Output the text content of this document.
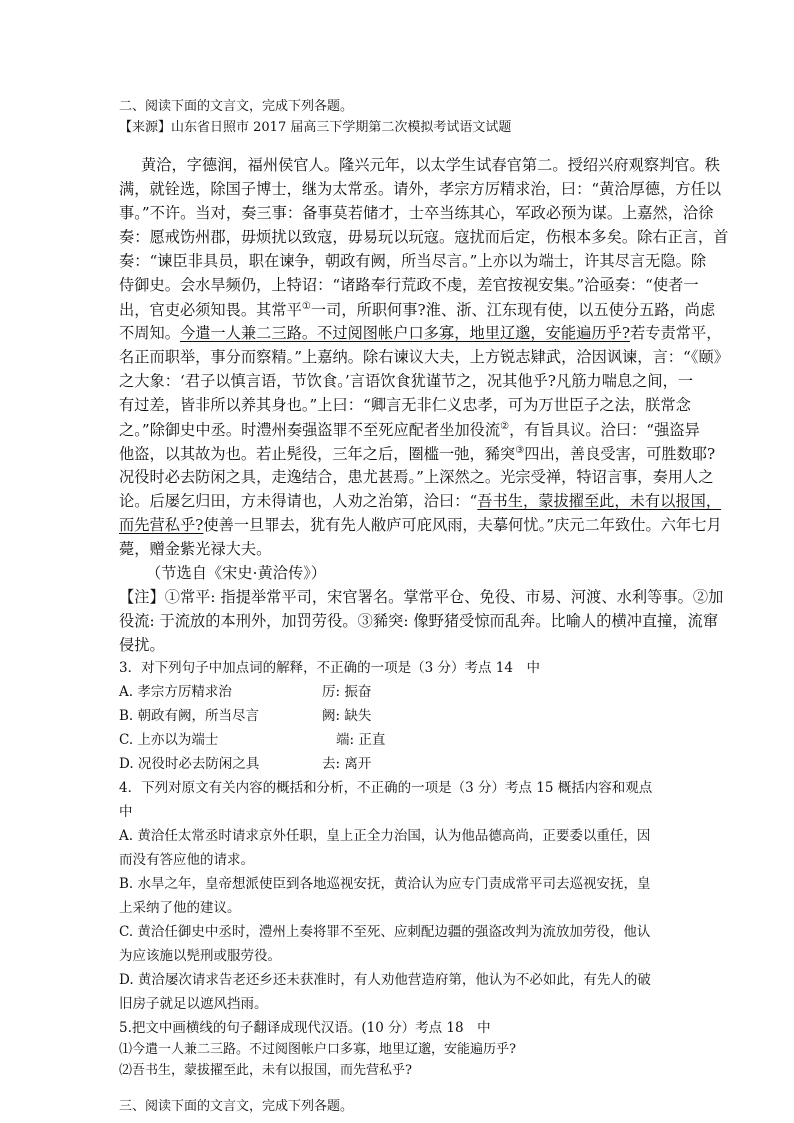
二、阅读下面的文言文，完成下列各题。
【来源】山东省日照市 2017 届高三下学期第二次模拟考试语文试题
黄洽，字德润，福州侯官人。隆兴元年，以太学生试春官第二。授绍兴府观察判官。秩
满，就铨选，除国子博士，继为太常丞。请外，孝宗方厉精求治，曰：“黄洽厚德，方任以
事。”不许。当对，奏三事：备事莫若储才，士卒当练其心，军政必预为谋。上嘉然，洽徐
奏：愿戒饬州郡，毋烦扰以致寇，毋易玩以玩寇。寇扰而后定，伤根本多矣。除右正言，首
奏：“谏臣非具员，职在谏争，朝政有阙，所当尽言。”上亦以为端士，许其尽言无隐。除
侍御史。会水旱频仍，上特诏：“诸路奉行荒政不虔，差官按视安集。”洽亟奏：“使者一
出，官吏必须知畏。其常平①一司，所职何事?淮、浙、江东现有使，以五使分五路，尚虑
不周知。今遣一人兼二三路。不过阅图帐户口多寡，地里辽邈，安能遍历乎?若专责常平，
名正而职举，事分而察精。”上嘉纳。除右谏议大夫，上方锐志肄武，洽因讽谏，言：“《颐》
之大象：‘君子以慎言语，节饮食。’言语饮食犹谨节之，况其他乎?凡筋力喘息之间，一
有过差，皆非所以养其身也。”上曰：“卿言无非仁义忠孝，可为万世臣子之法，朕常念
之。”除御史中丞。时澧州奏强盗罪不至死应配者坐加役流②，有旨具议。洽曰：“强盗异
他盗，以其故为也。若止髡役，三年之后，圈槛一弛，豨突③四出，善良受害，可胜数耶?
况役时必去防闲之具，走逸结合，患尤甚焉。”上深然之。光宗受禅，特诏言事，奏用人之
论。后屡乞归田，方未得请也，人劝之治第，洽曰：“吾书生，蒙拔擢至此，未有以报国，
而先营私乎?使善一旦罪去，犹有先人敝庐可庇风雨，夫摹何忧。”庆元二年致仕。六年七月
薨，赠金紫光禄大夫。
（节选自《宋史·黄洽传》）
【注】①常平: 指提举常平司，宋官署名。掌常平仓、免役、市易、河渡、水利等事。②加
役流: 于流放的本刑外，加罚劳役。③豨突: 像野猪受惊而乱奔。比喻人的横冲直撞，流窜
侵扰。
3．对下列句子中加点词的解释，不正确的一项是（3 分）考点 14　中
A. 孝宗方厉精求治	厉: 振奋
B. 朝政有阙，所当尽言	阙: 缺失
C. 上亦以为端士	端: 正直
D. 况役时必去防闲之具	去: 离开
4．下列对原文有关内容的概括和分析，不正确的一项是（3 分）考点 15 概括内容和观点
中
A. 黄洽任太常丞时请求京外任职，皇上正全力治国，认为他品德高尚，正要委以重任，因
而没有答应他的请求。
B. 水旱之年，皇帝想派使臣到各地巡视安抚，黄洽认为应专门责成常平司去巡视安抚，皇
上采纳了他的建议。
C. 黄洽任御史中丞时，澧州上奏将罪不至死、应刺配边疆的强盗改判为流放加劳役，他认
为应该施以髡刑或服劳役。
D. 黄洽屡次请求告老还乡还未获准时，有人劝他营造府第，他认为不必如此，有先人的破
旧房子就足以遮风挡雨。
5.把文中画横线的句子翻译成现代汉语。(10 分）考点 18　中
⑴今遣一人兼二三路。不过阅图帐户口多寡，地里辽邈，安能遍历乎?
⑵吾书生，蒙拔擢至此，未有以报国，而先营私乎?
三、阅读下面的文言文，完成下列各题。
